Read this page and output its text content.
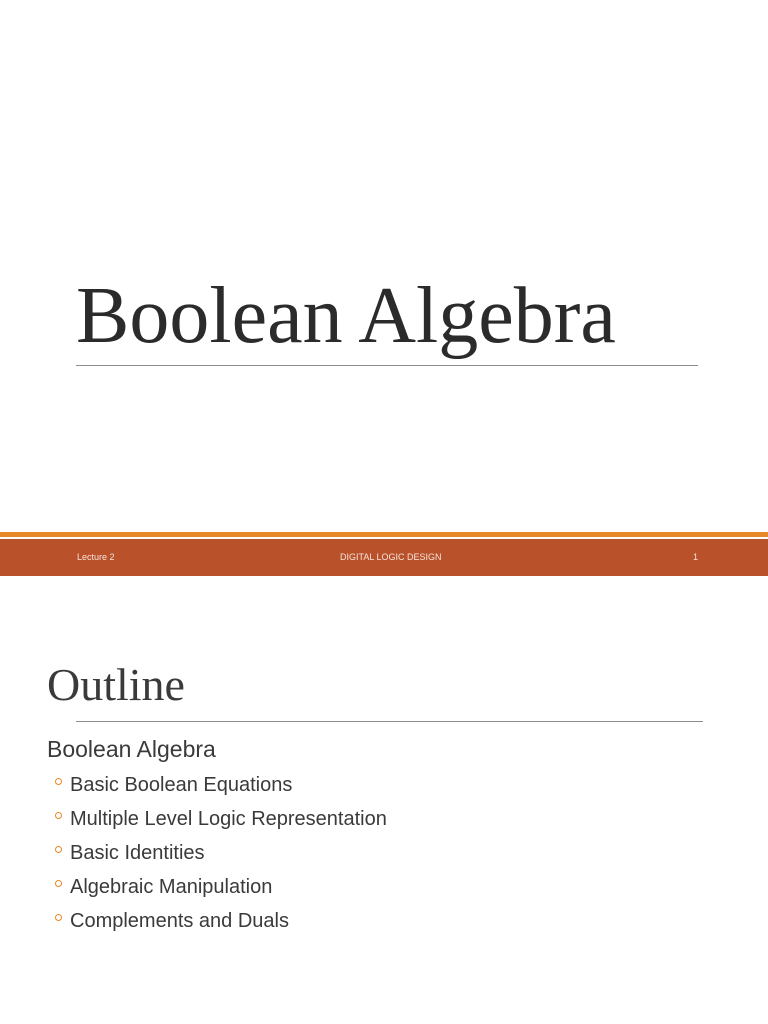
Boolean Algebra
Lecture 2	DIGITAL LOGIC DESIGN	1
Outline
Boolean Algebra
Basic Boolean Equations
Multiple Level Logic Representation
Basic Identities
Algebraic Manipulation
Complements and Duals
